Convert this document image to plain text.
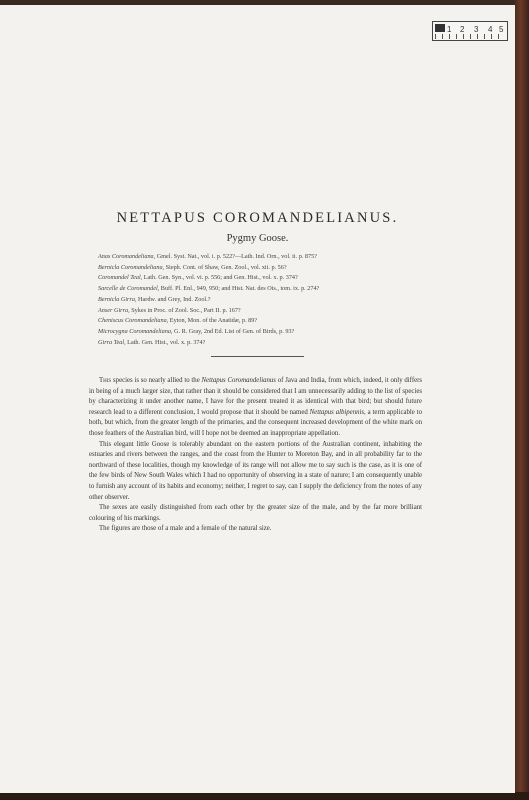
1 2 3 4 5
NETTAPUS COROMANDELIANUS.
Pygmy Goose.
Anas Coromandeliana, Gmel. Syst. Nat., vol. i. p. 522?—Lath. Ind. Orn., vol. ii. p. 875?
Bernicla Coromandeliana, Steph. Cont. of Shaw, Gen. Zool., vol. xii. p. 56?
Coromandel Teal, Lath. Gen. Syn., vol. vi. p. 556; and Gen. Hist., vol. x. p. 374?
Sarcelle de Coromandel, Buff. Pl. Enl., 949, 950; and Hist. Nat. des Ois., tom. ix. p. 274?
Bernicla Girra, Hardw. and Grey, Ind. Zool.?
Anser Girra, Sykes in Proc. of Zool. Soc., Part II. p. 167?
Cheniscus Coromandeliana, Eyton, Mon. of the Anatidæ, p. 89?
Microcygna Coromandeliana, G. R. Gray, 2nd Ed. List of Gen. of Birds, p. 93?
Girra Teal, Lath. Gen. Hist., vol. x. p. 374?

This species is so nearly allied to the Nettapus Coromandelianus of Java and India, from which, indeed, it only differs in being of a much larger size, that rather than it should be considered that I am unnecessarily adding to the list of species by characterizing it under another name, I have for the present treated it as identical with that bird; but should future research lead to a different conclusion, I would propose that it should be named Nettapus albipennis, a term applicable to both, but which, from the greater length of the primaries, and the consequent increased development of the white mark on those feathers of the Australian bird, will I hope not be deemed an inappropriate appellation.

This elegant little Goose is tolerably abundant on the eastern portions of the Australian continent, inhabiting the estuaries and rivers between the ranges, and the coast from the Hunter to Moreton Bay, and in all probability far to the northward of these localities, though my knowledge of its range will not allow me to say such is the case, as it is one of the few birds of New South Wales which I had no opportunity of observing in a state of nature; I am consequently unable to furnish any account of its habits and economy; neither, I regret to say, can I supply the deficiency from the notes of any other observer.

The sexes are easily distinguished from each other by the greater size of the male, and by the far more brilliant colouring of his markings.

The figures are those of a male and a female of the natural size.
